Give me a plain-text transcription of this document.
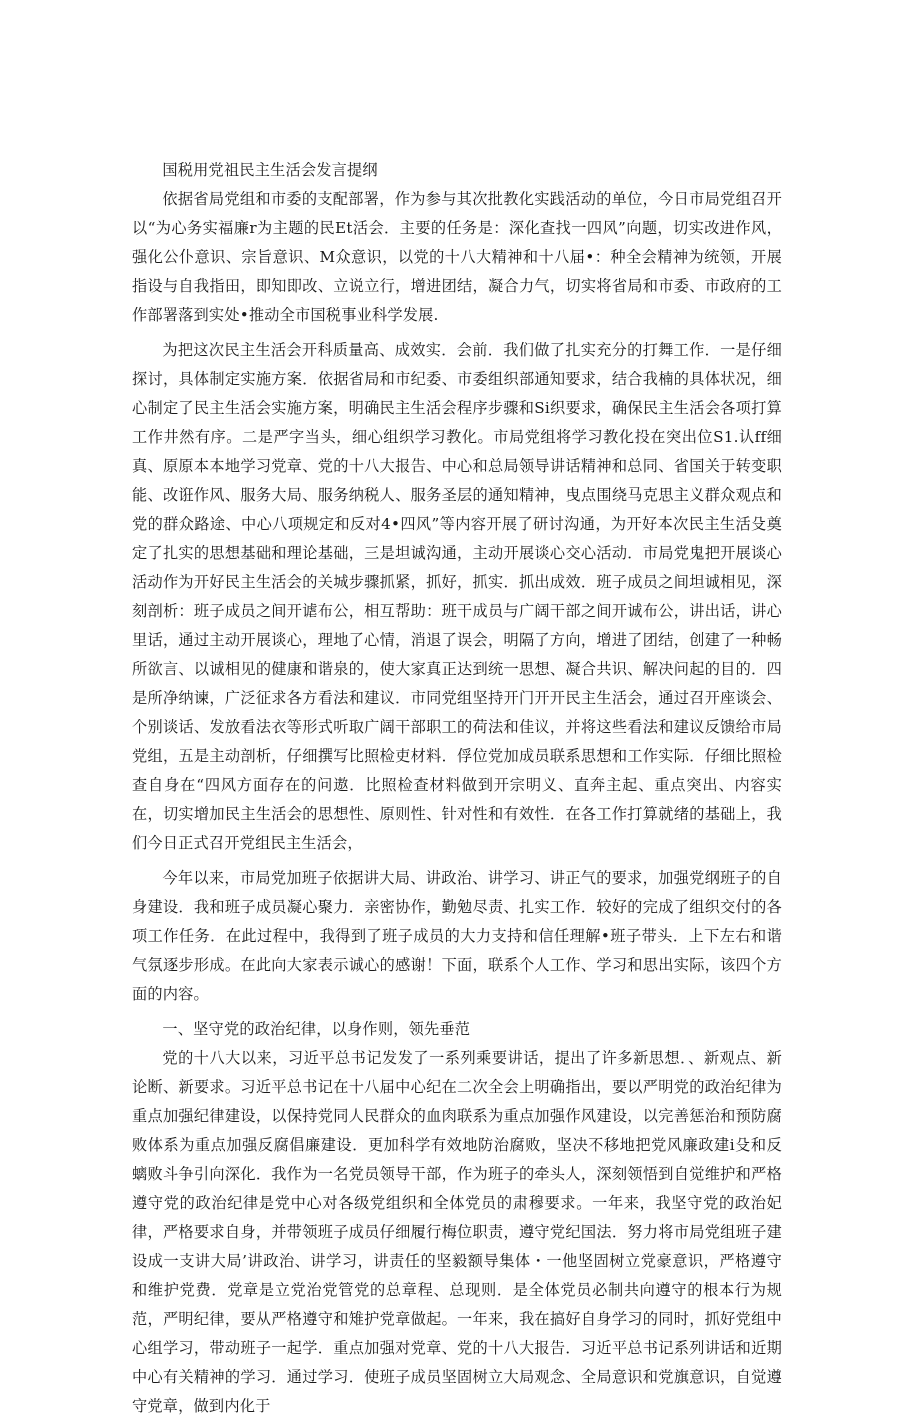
国税用党祖民主生活会发言提纲

依据省局党组和市委的支配部署，作为参与其次批教化实践活动的单位，今日市局党组召开以“为心务实福廉r为主题的民Et活会．主要的任务是：深化查找一四风”向题，切实改进作风，强化公仆意识、宗旨意识、M众意识，以党的十八大精神和十八届•：种全会精神为统领，开展指设与自我指田，即知即改、立说立行，增进团结，凝合力气，切实将省局和市委、市政府的工作部署落到实处•推动全市国税事业科学发展.

为把这次民主生活会开科质量高、成效实．会前．我们做了扎实充分的打舞工作．一是仔细探讨，具体制定实施方案．依据省局和市纪委、市委组织部通知要求，结合我楠的具体状况，细心制定了民主生活会实施方案，明确民主生活会程序步骤和Si织要求，确保民主生活会各项打算工作井然有序。二是严字当头，细心组织学习教化。市局党组将学习教化投在突出位S1.认ff细真、原原本本地学习党章、党的十八大报告、中心和总局领导讲话精神和总同、省国关于转变职能、改诳作风、服务大局、服务纳税人、服务圣层的通知精神，曳点围绕马克思主义群众观点和党的群众路途、中心八项规定和反对4•四风”等内容开展了研讨沟通，为开好本次民主生活殳奠定了扎实的思想基础和理论基础，三是坦诚沟通，主动开展谈心交心活动．市局党鬼把开展谈心活动作为开好民主生活会的关城步骤抓紧，抓好，抓实．抓出成效．班子成员之间坦诚相见，深刻剖析：班子成员之间开谑布公，相互帮助：班干成员与广阔干部之间开诚布公，讲出话，讲心里话，通过主动开展谈心，理地了心情，消退了误会，明隔了方向，增进了团结，创建了一种畅所欲言、以诚相见的健康和谐泉的，使大家真正达到统一思想、凝合共识、解决问起的目的．四是所净纳谏，广泛征求各方看法和建议．市同党组坚持开门开开民主生活会，通过召开座谈会、个别谈话、发放看法衣等形式听取广阔干部职工的荷法和佳议，并将这些看法和建议反馈给市局党组，五是主动剖析，仔细撰写比照检吏材料．俘位党加成员联系思想和工作实际．仔细比照检查自身在“四风方面存在的问遨．比照检查材料做到开宗明义、直奔主起、重点突出、内容实在，切实增加民主生活会的思想性、原则性、针对性和有效性．在各工作打算就绪的基础上，我们今日正式召开党组民主生活会，

今年以来，市局党加班子依据讲大局、讲政治、讲学习、讲正气的要求，加强党纲班子的自身建设．我和班子成员凝心聚力．亲密协作，勤勉尽责、扎实工作．较好的完成了组织交付的各项工作任务．在此过程中，我得到了班子成员的大力支持和信任理解•班子带头．上下左右和谐气氛逐步形成。在此向大家表示诚心的感谢！下面，联系个人工作、学习和思出实际，该四个方面的内容。

一、坚守党的政治纪律，以身作则，领先垂范

党的十八大以来，习近平总书记发发了一系列乘要讲话，提出了许多新思想．、新观点、新论断、新要求。习近平总书记在十八届中心纪在二次全会上明确指出，要以严明党的政治纪律为重点加强纪律建设，以保持党同人民群众的血肉联系为重点加强作风建设，以完善惩治和预防腐败体系为重点加强反腐倡廉建设．更加科学有效地防治腐败，坚决不移地把党风廉政建i殳和反螭败斗争引向深化．我作为一名党员领导干部，作为班子的牵头人，深刻领悟到自觉维护和严格遵守党的政治纪律是党中心对各级党组织和全体党员的肃穆要求。一年来，我坚守党的政治妃律，严格要求自身，并带领班子成员仔细履行梅位职责，遵守党纪国法．努力将市局党组班子建设成一支讲大局’讲政治、讲学习，讲责任的坚毅额导集体・一他坚固树立党豪意识，严格遵守和维护党费．党章是立党治党管党的总章程、总现则．是全体党员必制共向遵守的根本行为规范，严明纪律，要从严格遵守和雉护党章做起。一年来，我在搞好自身学习的同时，抓好党组中心组学习，带动班子一起学．重点加强对党章、党的十八大报告．习近平总书记系列讲话和近期中心有关精神的学习．通过学习．使班子成员坚固树立大局观念、全局意识和党旗意识，自觉遵守党章，做到内化于
